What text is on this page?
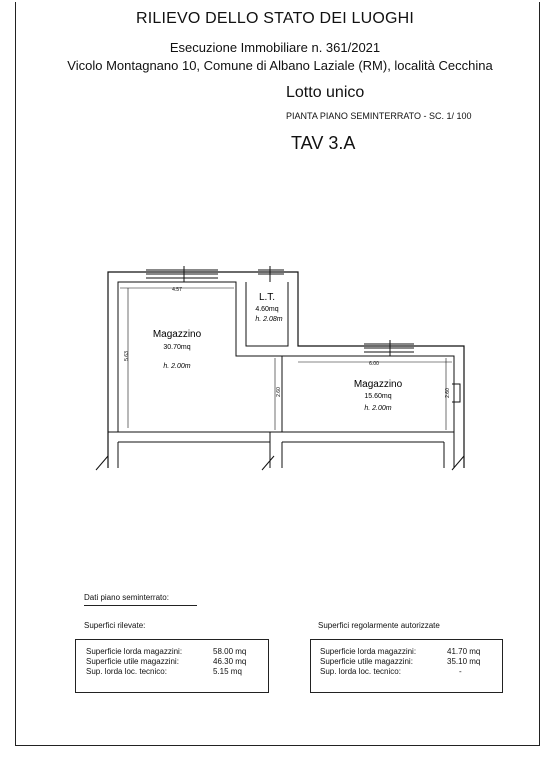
RILIEVO DELLO STATO DEI LUOGHI
Esecuzione Immobiliare n. 361/2021
Vicolo Montagnano 10, Comune di Albano Laziale (RM), località Cecchina
Lotto unico
PIANTA PIANO SEMINTERRATO - SC. 1/ 100
TAV 3.A
4.57
5.63
2.60
6.00
2.60
Magazzino
30.70mq
h. 2.00m
L.T.
4.60mq
h. 2.08m
Magazzino
15.60mq
h. 2.00m
Dati piano seminterrato:
Superfici rilevate:	Superfici regolarmente autorizzate
Superficie lorda magazzini:	58.00 mq
Superficie utile magazzini:	46.30 mq
Sup. lorda loc. tecnico:	5.15 mq
Superficie lorda magazzini:	41.70 mq
Superficie utile magazzini:	35.10 mq
Sup. lorda loc. tecnico:	-
